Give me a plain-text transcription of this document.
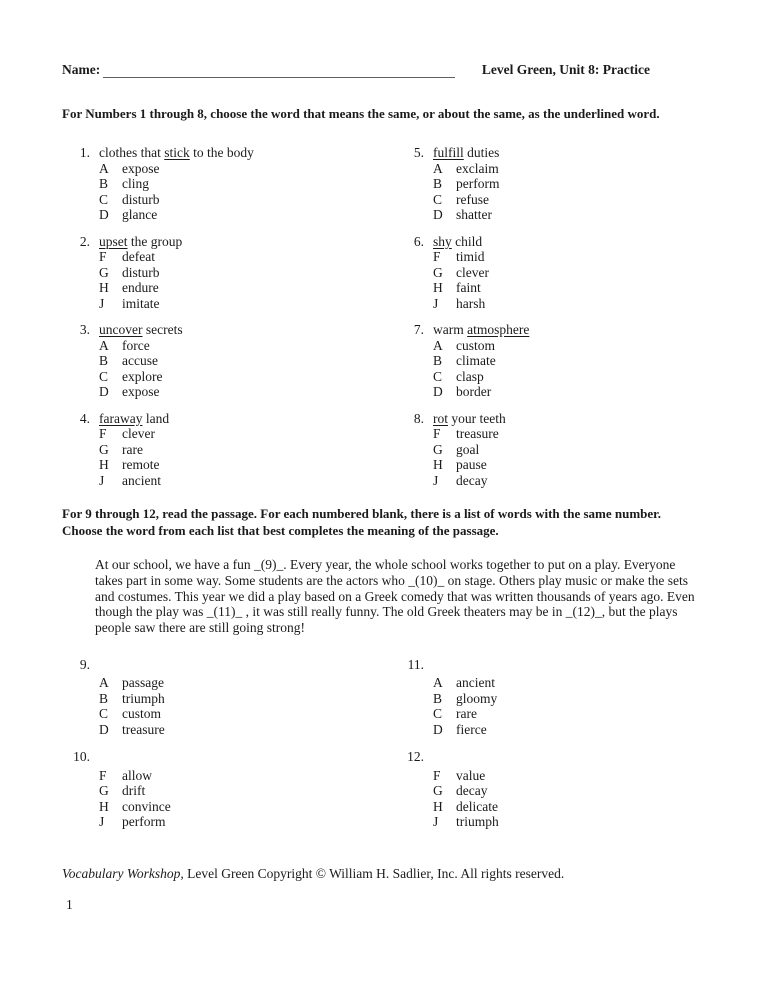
Name:	Level Green, Unit 8: Practice
For Numbers 1 through 8, choose the word that means the same, or about the same, as the underlined word.
1. clothes that stick to the body
A expose
B	cling
C	disturb
D glance
5. fulfill duties
A exclaim
B	perform
C	refuse
D shatter
2. upset the group
F	defeat
G disturb
H endure
J	imitate
6. shy child
F	timid
G clever
H faint
J	harsh
3. uncover secrets
A force
B	accuse
C	explore
D expose
7. warm atmosphere
A custom
B	climate
C	clasp
D border
4. faraway land
F	clever
G rare
H remote
J	ancient
8. rot your teeth
F	treasure
G goal
H pause
J	decay
For 9 through 12, read the passage. For each numbered blank, there is a list of words with the same number.
Choose the word from each list that best completes the meaning of the passage.
At our school, we have a fun _(9)_. Every year, the whole school works together to put on a play. Everyone takes part in some way. Some students are the actors who _(10)_ on stage. Others play music or make the sets and costumes. This year we did a play based on a Greek comedy that was written thousands of years ago. Even though the play was _(11)_ , it was still really funny. The old Greek theaters may be in _(12)_, but the plays people saw there are still going strong!
9.
A passage
B	triumph
C	custom
D treasure
11.
A ancient
B	gloomy
C	rare
D fierce
10.
F	allow
G drift
H convince
J	perform
12.
F	value
G decay
H delicate
J	triumph
Vocabulary Workshop, Level Green Copyright © William H. Sadlier, Inc. All rights reserved.
1
